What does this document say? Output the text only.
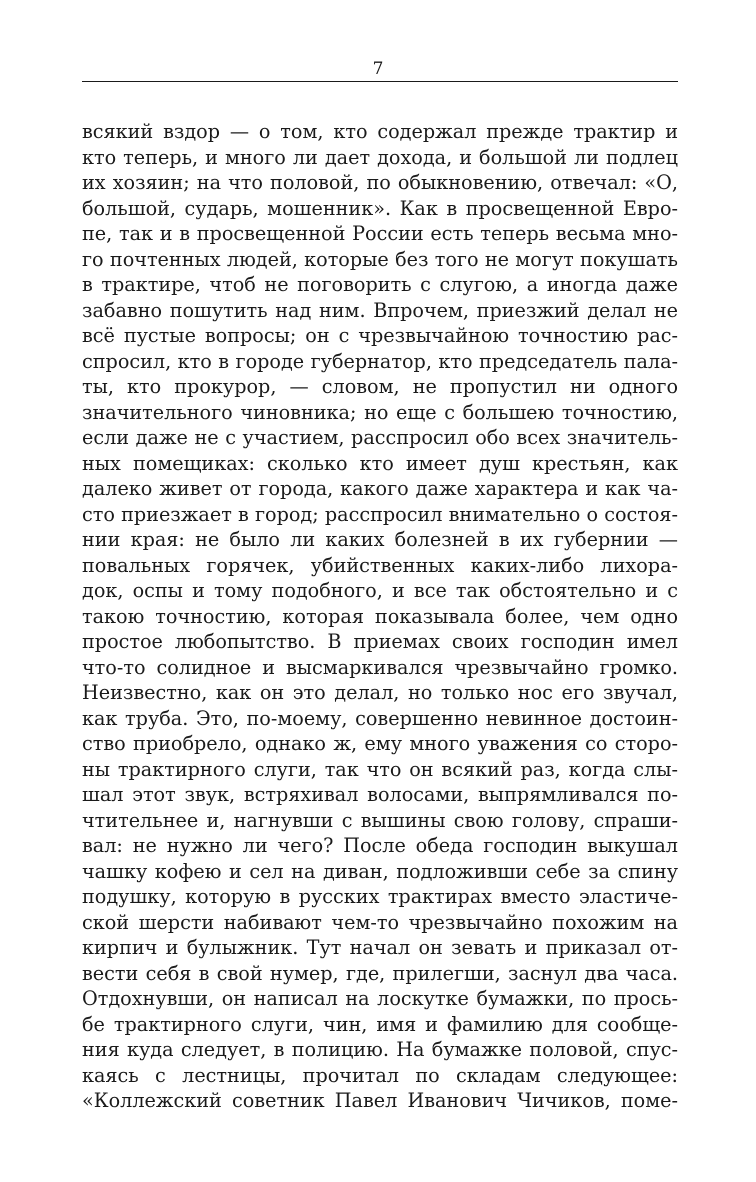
7
всякий вздор — о том, кто содержал прежде трактир и
кто теперь, и много ли дает дохода, и большой ли подлец
их хозяин; на что половой, по обыкновению, отвечал: «О,
большой, сударь, мошенник». Как в просвещенной Евро-
пе, так и в просвещенной России есть теперь весьма мно-
го почтенных людей, которые без того не могут покушать
в трактире, чтоб не поговорить с слугою, а иногда даже
забавно пошутить над ним. Впрочем, приезжий делал не
всё пустые вопросы; он с чрезвычайною точностию рас-
спросил, кто в городе губернатор, кто председатель пала-
ты, кто прокурор, — словом, не пропустил ни одного
значительного чиновника; но еще с большею точностию,
если даже не с участием, расспросил обо всех значитель-
ных помещиках: сколько кто имеет душ крестьян, как
далеко живет от города, какого даже характера и как ча-
сто приезжает в город; расспросил внимательно о состоя-
нии края: не было ли каких болезней в их губернии —
повальных горячек, убийственных каких-либо лихора-
док, оспы и тому подобного, и все так обстоятельно и с
такою точностию, которая показывала более, чем одно
простое любопытство. В приемах своих господин имел
что-то солидное и высмаркивался чрезвычайно громко.
Неизвестно, как он это делал, но только нос его звучал,
как труба. Это, по-моему, совершенно невинное достоин-
ство приобрело, однако ж, ему много уважения со сторо-
ны трактирного слуги, так что он всякий раз, когда слы-
шал этот звук, встряхивал волосами, выпрямливался по-
чтительнее и, нагнувши с вышины свою голову, спраши-
вал: не нужно ли чего? После обеда господин выкушал
чашку кофею и сел на диван, подложивши себе за спину
подушку, которую в русских трактирах вместо эластиче-
ской шерсти набивают чем-то чрезвычайно похожим на
кирпич и булыжник. Тут начал он зевать и приказал от-
вести себя в свой нумер, где, прилегши, заснул два часа.
Отдохнувши, он написал на лоскутке бумажки, по прось-
бе трактирного слуги, чин, имя и фамилию для сообще-
ния куда следует, в полицию. На бумажке половой, спус-
каясь с лестницы, прочитал по складам следующее:
«Коллежский советник Павел Иванович Чичиков, поме-
